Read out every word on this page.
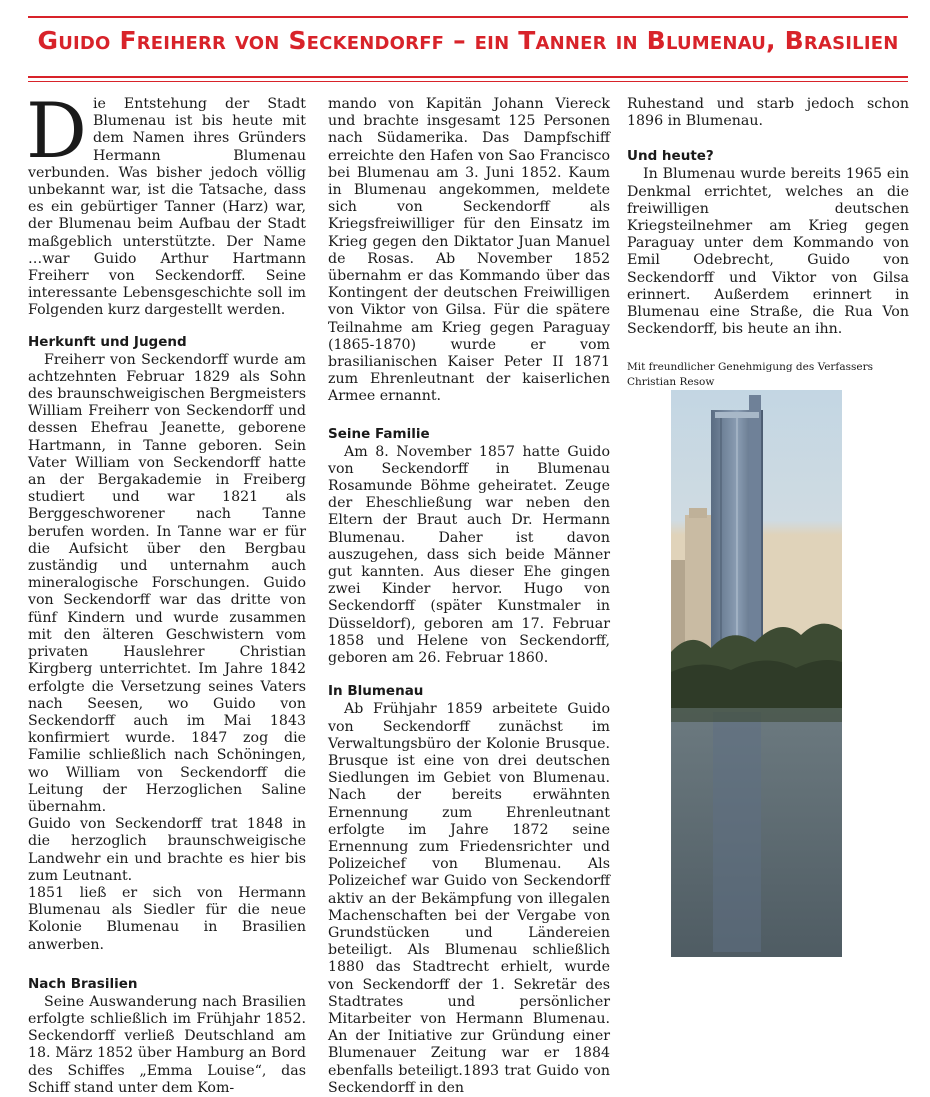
Guido Freiherr von Seckendorff – ein Tanner in Blumenau, Brasilien

Die Entstehung der Stadt Blumenau ist bis heute mit dem Namen ihres Gründers Hermann Blumenau verbunden. Was bisher jedoch völlig unbekannt war, ist die Tatsache, dass es ein gebürtiger Tanner (Harz) war, der Blumenau beim Aufbau der Stadt maßgeblich unterstützte. Der Name …war Guido Arthur Hartmann Freiherr von Seckendorff. Seine interessante Lebensgeschichte soll im Folgenden kurz dargestellt werden.

Herkunft und Jugend

Freiherr von Seckendorff wurde am achtzehnten Februar 1829 als Sohn des braunschweigischen Bergmeisters William Freiherr von Seckendorff und dessen Ehefrau Jeanette, geborene Hartmann, in Tanne geboren. Sein Vater William von Seckendorff hatte an der Bergakademie in Freiberg studiert und war 1821 als Berggeschworener nach Tanne berufen worden. In Tanne war er für die Aufsicht über den Bergbau zuständig und unternahm auch mineralogische Forschungen. Guido von Seckendorff war das dritte von fünf Kindern und wurde zusammen mit den älteren Geschwistern vom privaten Hauslehrer Christian Kirgberg unterrichtet. Im Jahre 1842 erfolgte die Versetzung seines Vaters nach Seesen, wo Guido von Seckendorff auch im Mai 1843 konfirmiert wurde. 1847 zog die Familie schließlich nach Schöningen, wo William von Seckendorff die Leitung der Herzoglichen Saline übernahm.

Guido von Seckendorff trat 1848 in die herzoglich braunschweigische Landwehr ein und brachte es hier bis zum Leutnant.

1851 ließ er sich von Hermann Blumenau als Siedler für die neue Kolonie Blumenau in Brasilien anwerben.

Nach Brasilien

Seine Auswanderung nach Brasilien erfolgte schließlich im Frühjahr 1852. Seckendorff verließ Deutschland am 18. März 1852 über Hamburg an Bord des Schiffes „Emma Louise“, das Schiff stand unter dem Kom-

mando von Kapitän Johann Viereck und brachte insgesamt 125 Personen nach Südamerika. Das Dampfschiff erreichte den Hafen von Sao Francisco bei Blumenau am 3. Juni 1852. Kaum in Blumenau angekommen, meldete sich von Seckendorff als Kriegsfreiwilliger für den Einsatz im Krieg gegen den Diktator Juan Manuel de Rosas. Ab November 1852 übernahm er das Kommando über das Kontingent der deutschen Freiwilligen von Viktor von Gilsa. Für die spätere Teilnahme am Krieg gegen Paraguay (1865-1870) wurde er vom brasilianischen Kaiser Peter II 1871 zum Ehrenleutnant der kaiserlichen Armee ernannt.

Seine Familie

Am 8. November 1857 hatte Guido von Seckendorff in Blumenau Rosamunde Böhme geheiratet. Zeuge der Eheschließung war neben den Eltern der Braut auch Dr. Hermann Blumenau. Daher ist davon auszugehen, dass sich beide Männer gut kannten. Aus dieser Ehe gingen zwei Kinder hervor. Hugo von Seckendorff (später Kunstmaler in Düsseldorf), geboren am 17. Februar 1858 und Helene von Seckendorff, geboren am 26. Februar 1860.

In Blumenau

Ab Frühjahr 1859 arbeitete Guido von Seckendorff zunächst im Verwaltungsbüro der Kolonie Brusque. Brusque ist eine von drei deutschen Siedlungen im Gebiet von Blumenau. Nach der bereits erwähnten Ernennung zum Ehrenleutnant erfolgte im Jahre 1872 seine Ernennung zum Friedensrichter und Polizeichef von Blumenau. Als Polizeichef war Guido von Seckendorff aktiv an der Bekämpfung von illegalen Machenschaften bei der Vergabe von Grundstücken und Ländereien beteiligt. Als Blumenau schließlich 1880 das Stadtrecht erhielt, wurde von Seckendorff der 1. Sekretär des Stadtrates und persönlicher Mitarbeiter von Hermann Blumenau. An der Initiative zur Gründung einer Blumenauer Zeitung war er 1884 ebenfalls beteiligt.1893 trat Guido von Seckendorff in den

Ruhestand und starb jedoch schon 1896 in Blumenau.

Und heute?

In Blumenau wurde bereits 1965 ein Denkmal errichtet, welches an die freiwilligen deutschen Kriegsteilnehmer am Krieg gegen Paraguay unter dem Kommando von Emil Odebrecht, Guido von Seckendorff und Viktor von Gilsa erinnert. Außerdem erinnert in Blumenau eine Straße, die Rua Von Seckendorff, bis heute an ihn.

Mit freundlicher Genehmigung des Verfassers
Christian Resow
